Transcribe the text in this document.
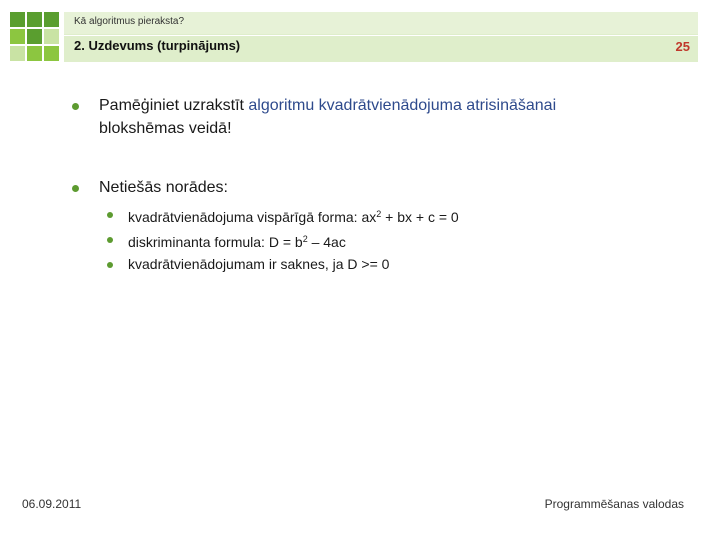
Kā algoritmus pieraksta?
2. Uzdevums (turpinājums)	25
Pamēģiniet uzrakstīt algoritmu kvadrātvienādojuma atrisināšanai
blokshēmas veidā!
Netiešās norādes:
kvadrātvienādojuma vispārīgā forma: $ax^2$ + bx + c = 0
diskriminanta formula: $D = b^2 - 4ac$
kvadrātvienādojumam ir saknes, ja D >= 0
06.09.2011	Programmēšanas valodas
